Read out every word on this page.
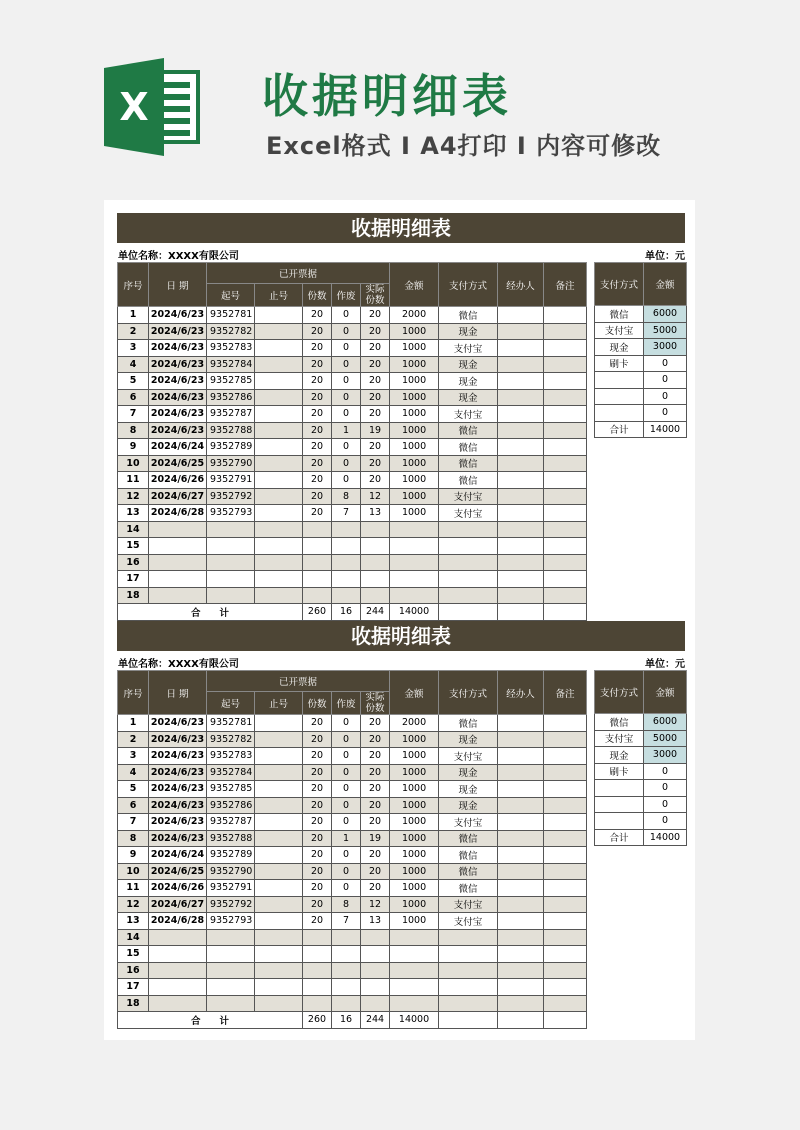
X 收据明细表
Excel格式 I A4打印 I 内容可修改
收据明细表
单位名称：XXXX有限公司	单位：元
序号	日 期	已开票据					金额	支付方式	经办人	备注
		起号	止号	份数	作废	实际份数				
1	2024/6/23	9352781		20	0	20	2000	微信		
2	2024/6/23	9352782		20	0	20	1000	现金		
3	2024/6/23	9352783		20	0	20	1000	支付宝		
4	2024/6/23	9352784		20	0	20	1000	现金		
5	2024/6/23	9352785		20	0	20	1000	现金		
6	2024/6/23	9352786		20	0	20	1000	现金		
7	2024/6/23	9352787		20	0	20	1000	支付宝		
8	2024/6/23	9352788		20	1	19	1000	微信		
9	2024/6/24	9352789		20	0	20	1000	微信		
10	2024/6/25	9352790		20	0	20	1000	微信		
11	2024/6/26	9352791		20	0	20	1000	微信		
12	2024/6/27	9352792		20	8	12	1000	支付宝		
13	2024/6/28	9352793		20	7	13	1000	支付宝		
14										
15										
16										
17										
18										
合　　计				260	16	244	14000			
支付方式	金额
微信	6000
支付宝	5000
现金	3000
刷卡	0
	0
	0
	0
合计	14000
收据明细表
单位名称：XXXX有限公司	单位：元
序号	日 期	已开票据					金额	支付方式	经办人	备注
		起号	止号	份数	作废	实际份数				
1	2024/6/23	9352781		20	0	20	2000	微信		
2	2024/6/23	9352782		20	0	20	1000	现金		
3	2024/6/23	9352783		20	0	20	1000	支付宝		
4	2024/6/23	9352784		20	0	20	1000	现金		
5	2024/6/23	9352785		20	0	20	1000	现金		
6	2024/6/23	9352786		20	0	20	1000	现金		
7	2024/6/23	9352787		20	0	20	1000	支付宝		
8	2024/6/23	9352788		20	1	19	1000	微信		
9	2024/6/24	9352789		20	0	20	1000	微信		
10	2024/6/25	9352790		20	0	20	1000	微信		
11	2024/6/26	9352791		20	0	20	1000	微信		
12	2024/6/27	9352792		20	8	12	1000	支付宝		
13	2024/6/28	9352793		20	7	13	1000	支付宝		
14										
15										
16										
17										
18										
合　　计				260	16	244	14000			
支付方式	金额
微信	6000
支付宝	5000
现金	3000
刷卡	0
	0
	0
	0
合计	14000
